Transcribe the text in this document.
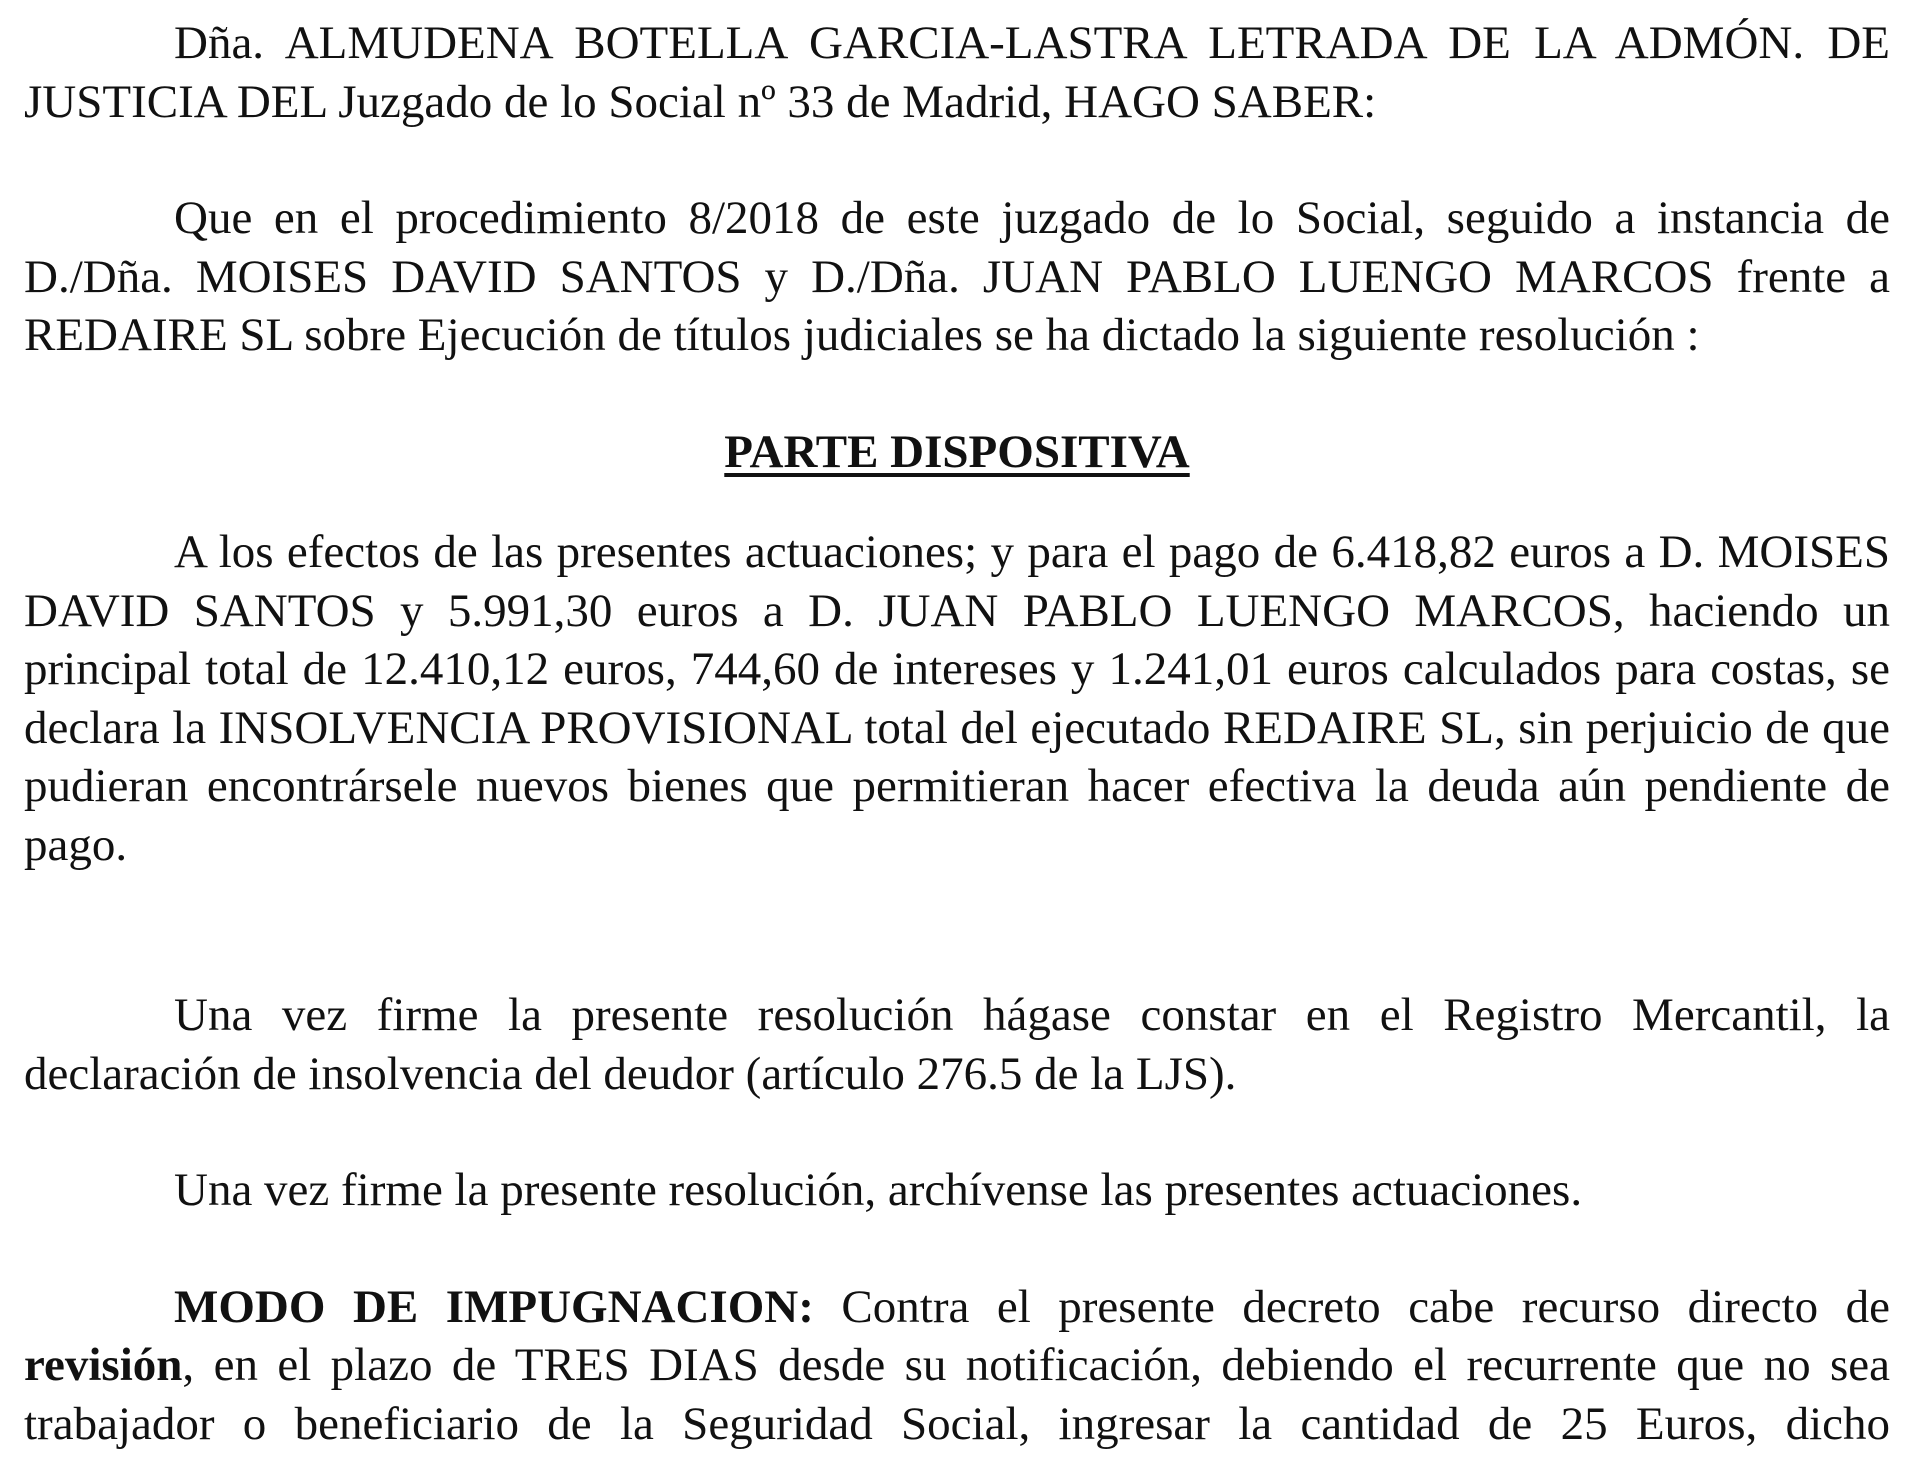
Dña. ALMUDENA BOTELLA GARCIA-LASTRA LETRADA DE LA ADMÓN. DE JUSTICIA DEL Juzgado de lo Social nº 33 de Madrid, HAGO SABER:

Que en el procedimiento 8/2018 de este juzgado de lo Social, seguido a instancia de D./Dña. MOISES DAVID SANTOS y D./Dña. JUAN PABLO LUENGO MARCOS frente a REDAIRE SL sobre Ejecución de títulos judiciales se ha dictado la siguiente resolución :

PARTE DISPOSITIVA

A los efectos de las presentes actuaciones; y para el pago de 6.418,82 euros a D. MOISES DAVID SANTOS y 5.991,30 euros a D. JUAN PABLO LUENGO MARCOS, haciendo un principal total de 12.410,12 euros, 744,60 de intereses y 1.241,01 euros calculados para costas, se declara la INSOLVENCIA PROVISIONAL total del ejecutado REDAIRE SL, sin perjuicio de que pudieran encontrársele nuevos bienes que permitieran hacer efectiva la deuda aún pendiente de pago.

Una vez firme la presente resolución hágase constar en el Registro Mercantil, la declaración de insolvencia del deudor (artículo 276.5 de la LJS).

Una vez firme la presente resolución, archívense las presentes actuaciones.

MODO DE IMPUGNACION: Contra el presente decreto cabe recurso directo de revisión, en el plazo de TRES DIAS desde su notificación, debiendo el recurrente que no sea trabajador o beneficiario de la Seguridad Social, ingresar la cantidad de 25 Euros, dicho
